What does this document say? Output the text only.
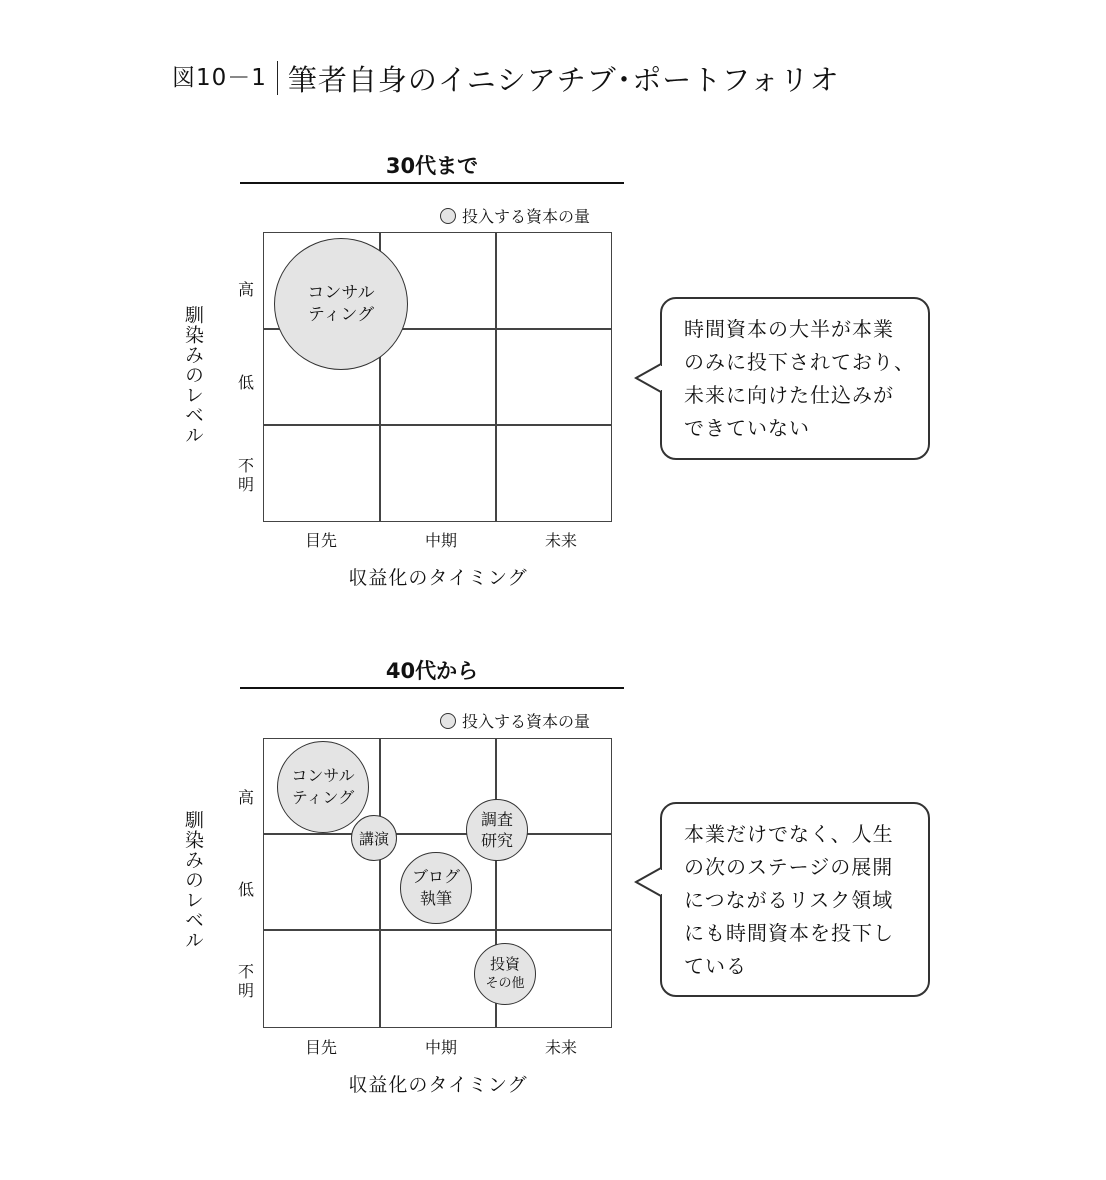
図10－1 筆者自身のイニシアチブ･ポートフォリオ
30代まで
投入する資本の量
馴染みのレベル
高
低
不明
コンサル
ティング
目先	中期	未来
収益化のタイミング
時間資本の大半が本業
のみに投下されており、
未来に向けた仕込みが
できていない
40代から
投入する資本の量
馴染みのレベル
高
低
不明
コンサル
ティング
講演
調査
研究
ブログ
執筆
投資
その他
目先	中期	未来
収益化のタイミング
本業だけでなく、人生
の次のステージの展開
につながるリスク領域
にも時間資本を投下し
ている
